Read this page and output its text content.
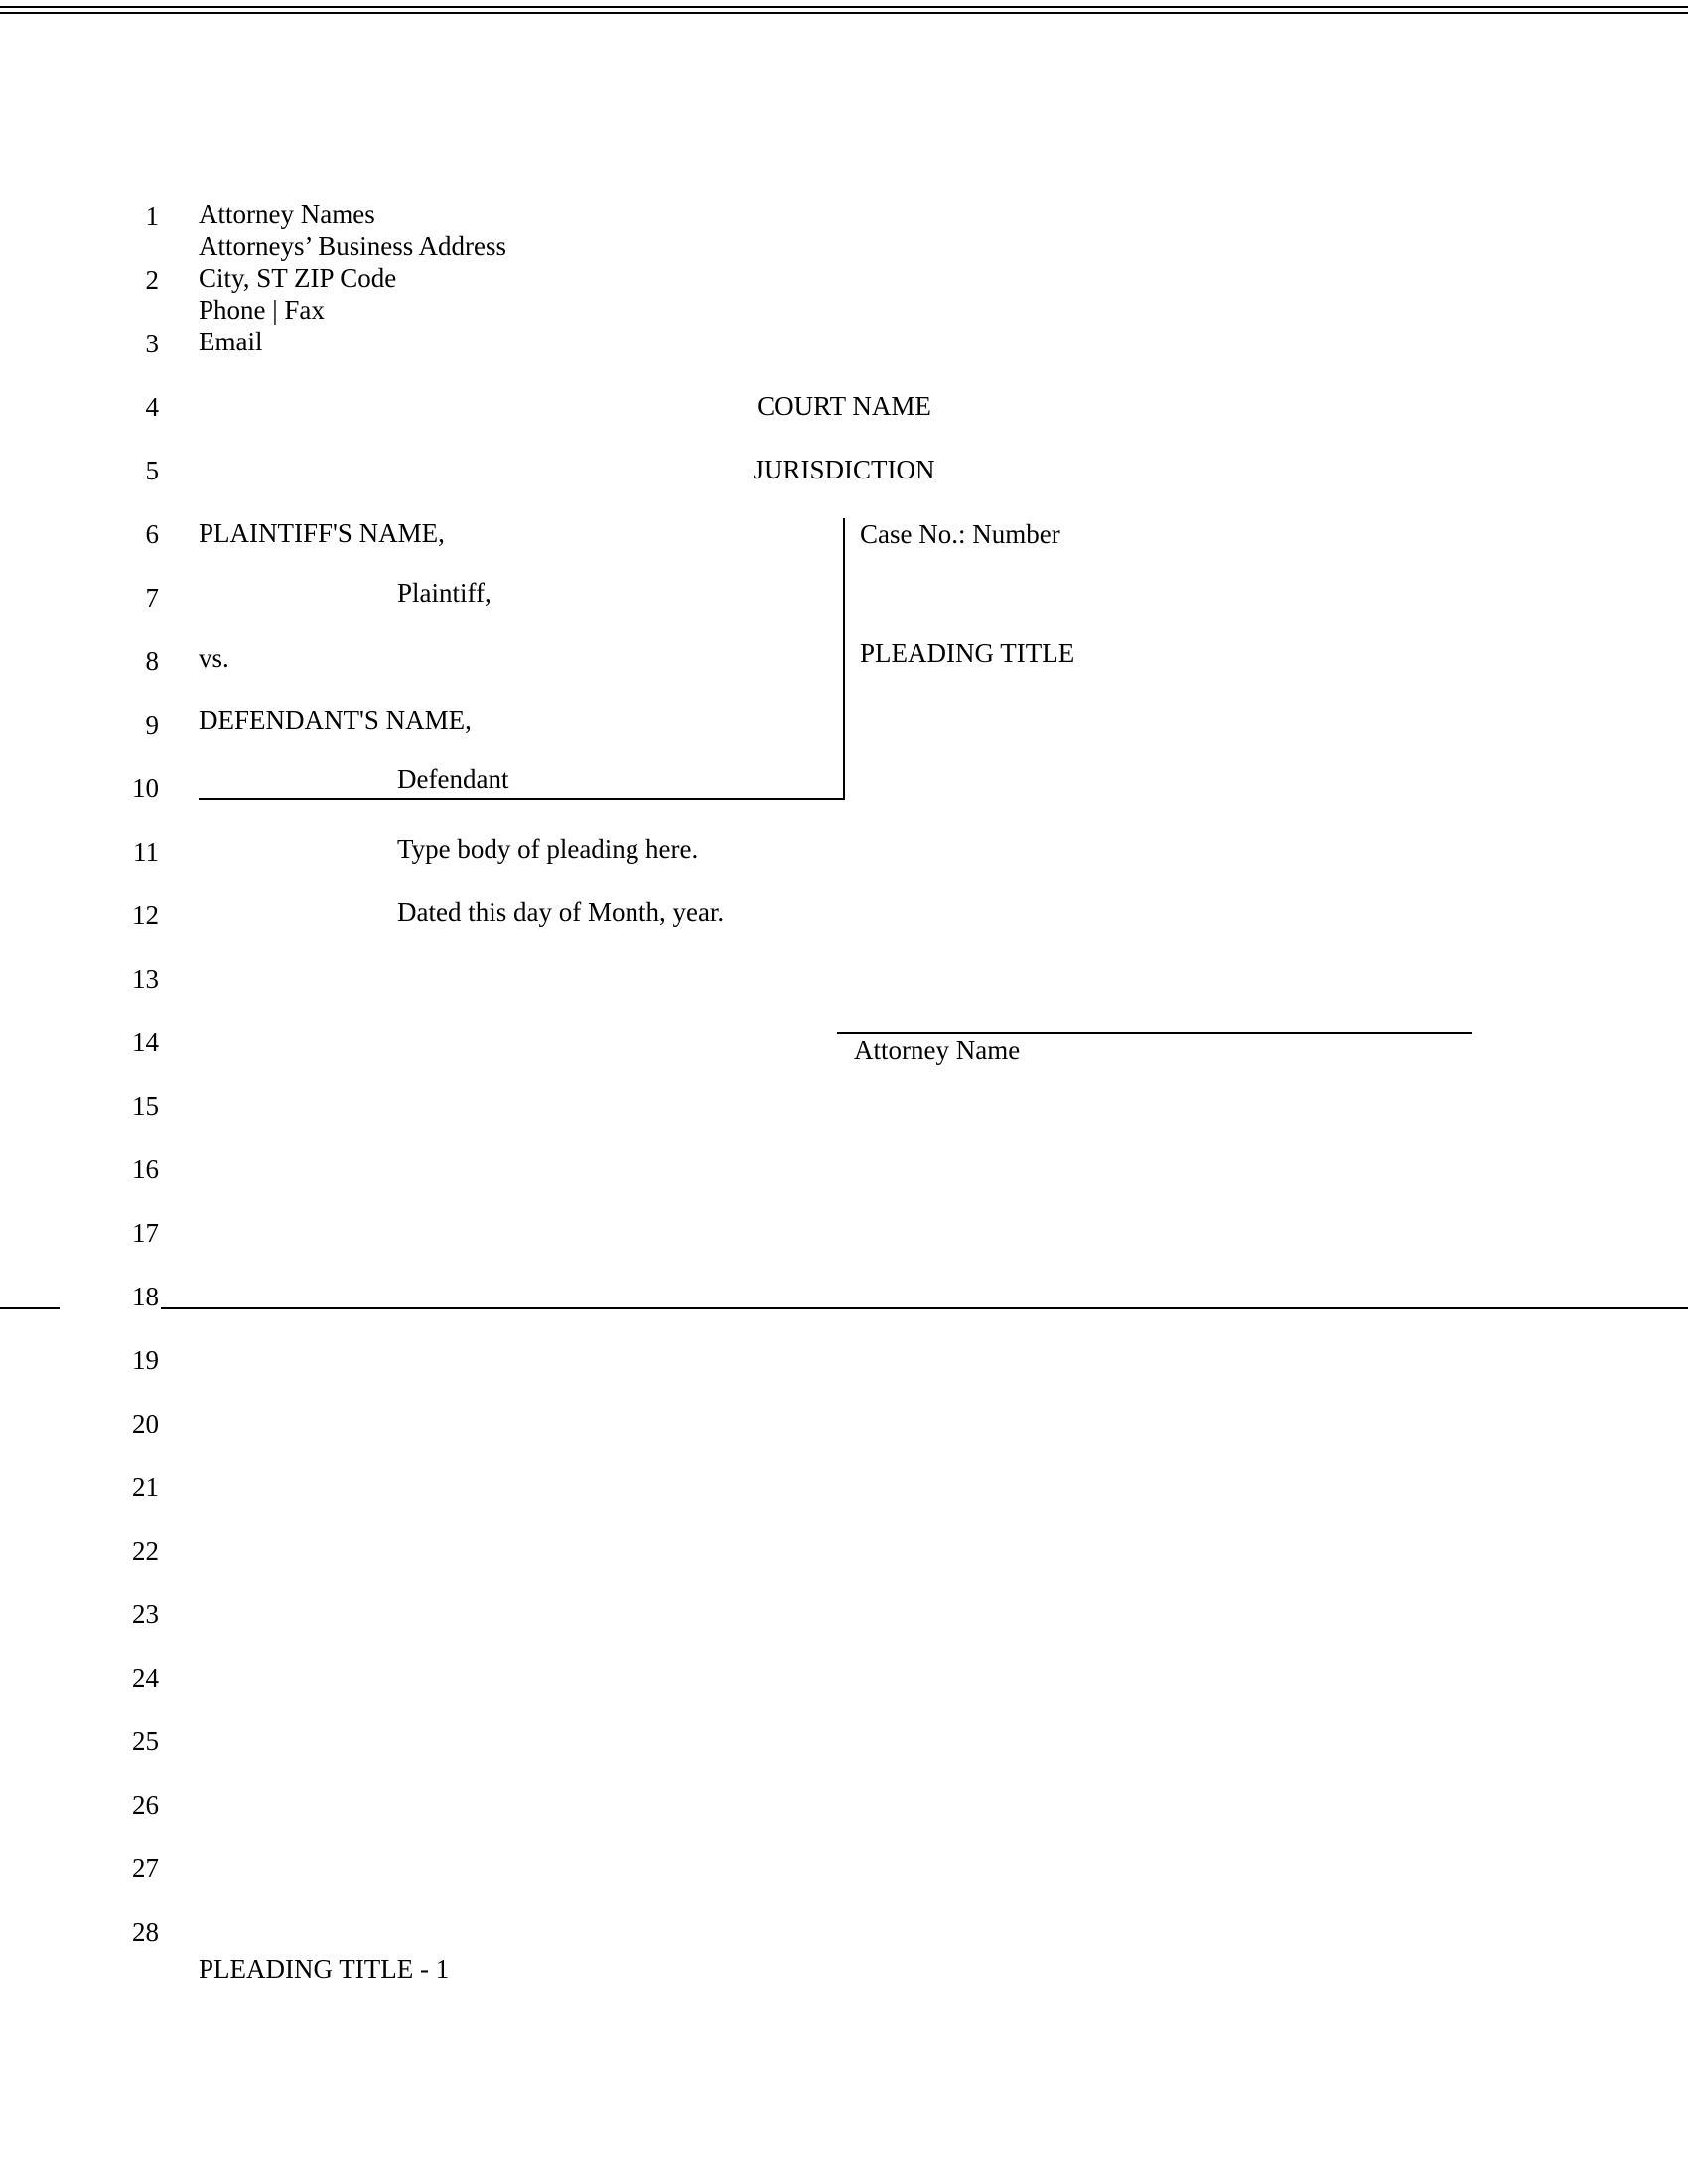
1
2
3
4
5
6
7
8
9
10
11
12
13
14
15
16
17
18
19
20
21
22
23
24
25
26
27
28
Attorney Names
Attorneys’ Business Address
City, ST ZIP Code
Phone | Fax
Email
COURT NAME
JURISDICTION
PLAINTIFF'S NAME,
Plaintiff,
vs.
DEFENDANT'S NAME,
Defendant
Case No.: Number
PLEADING TITLE
Type body of pleading here.
Dated this day of Month, year.
Attorney Name
PLEADING TITLE - 1
